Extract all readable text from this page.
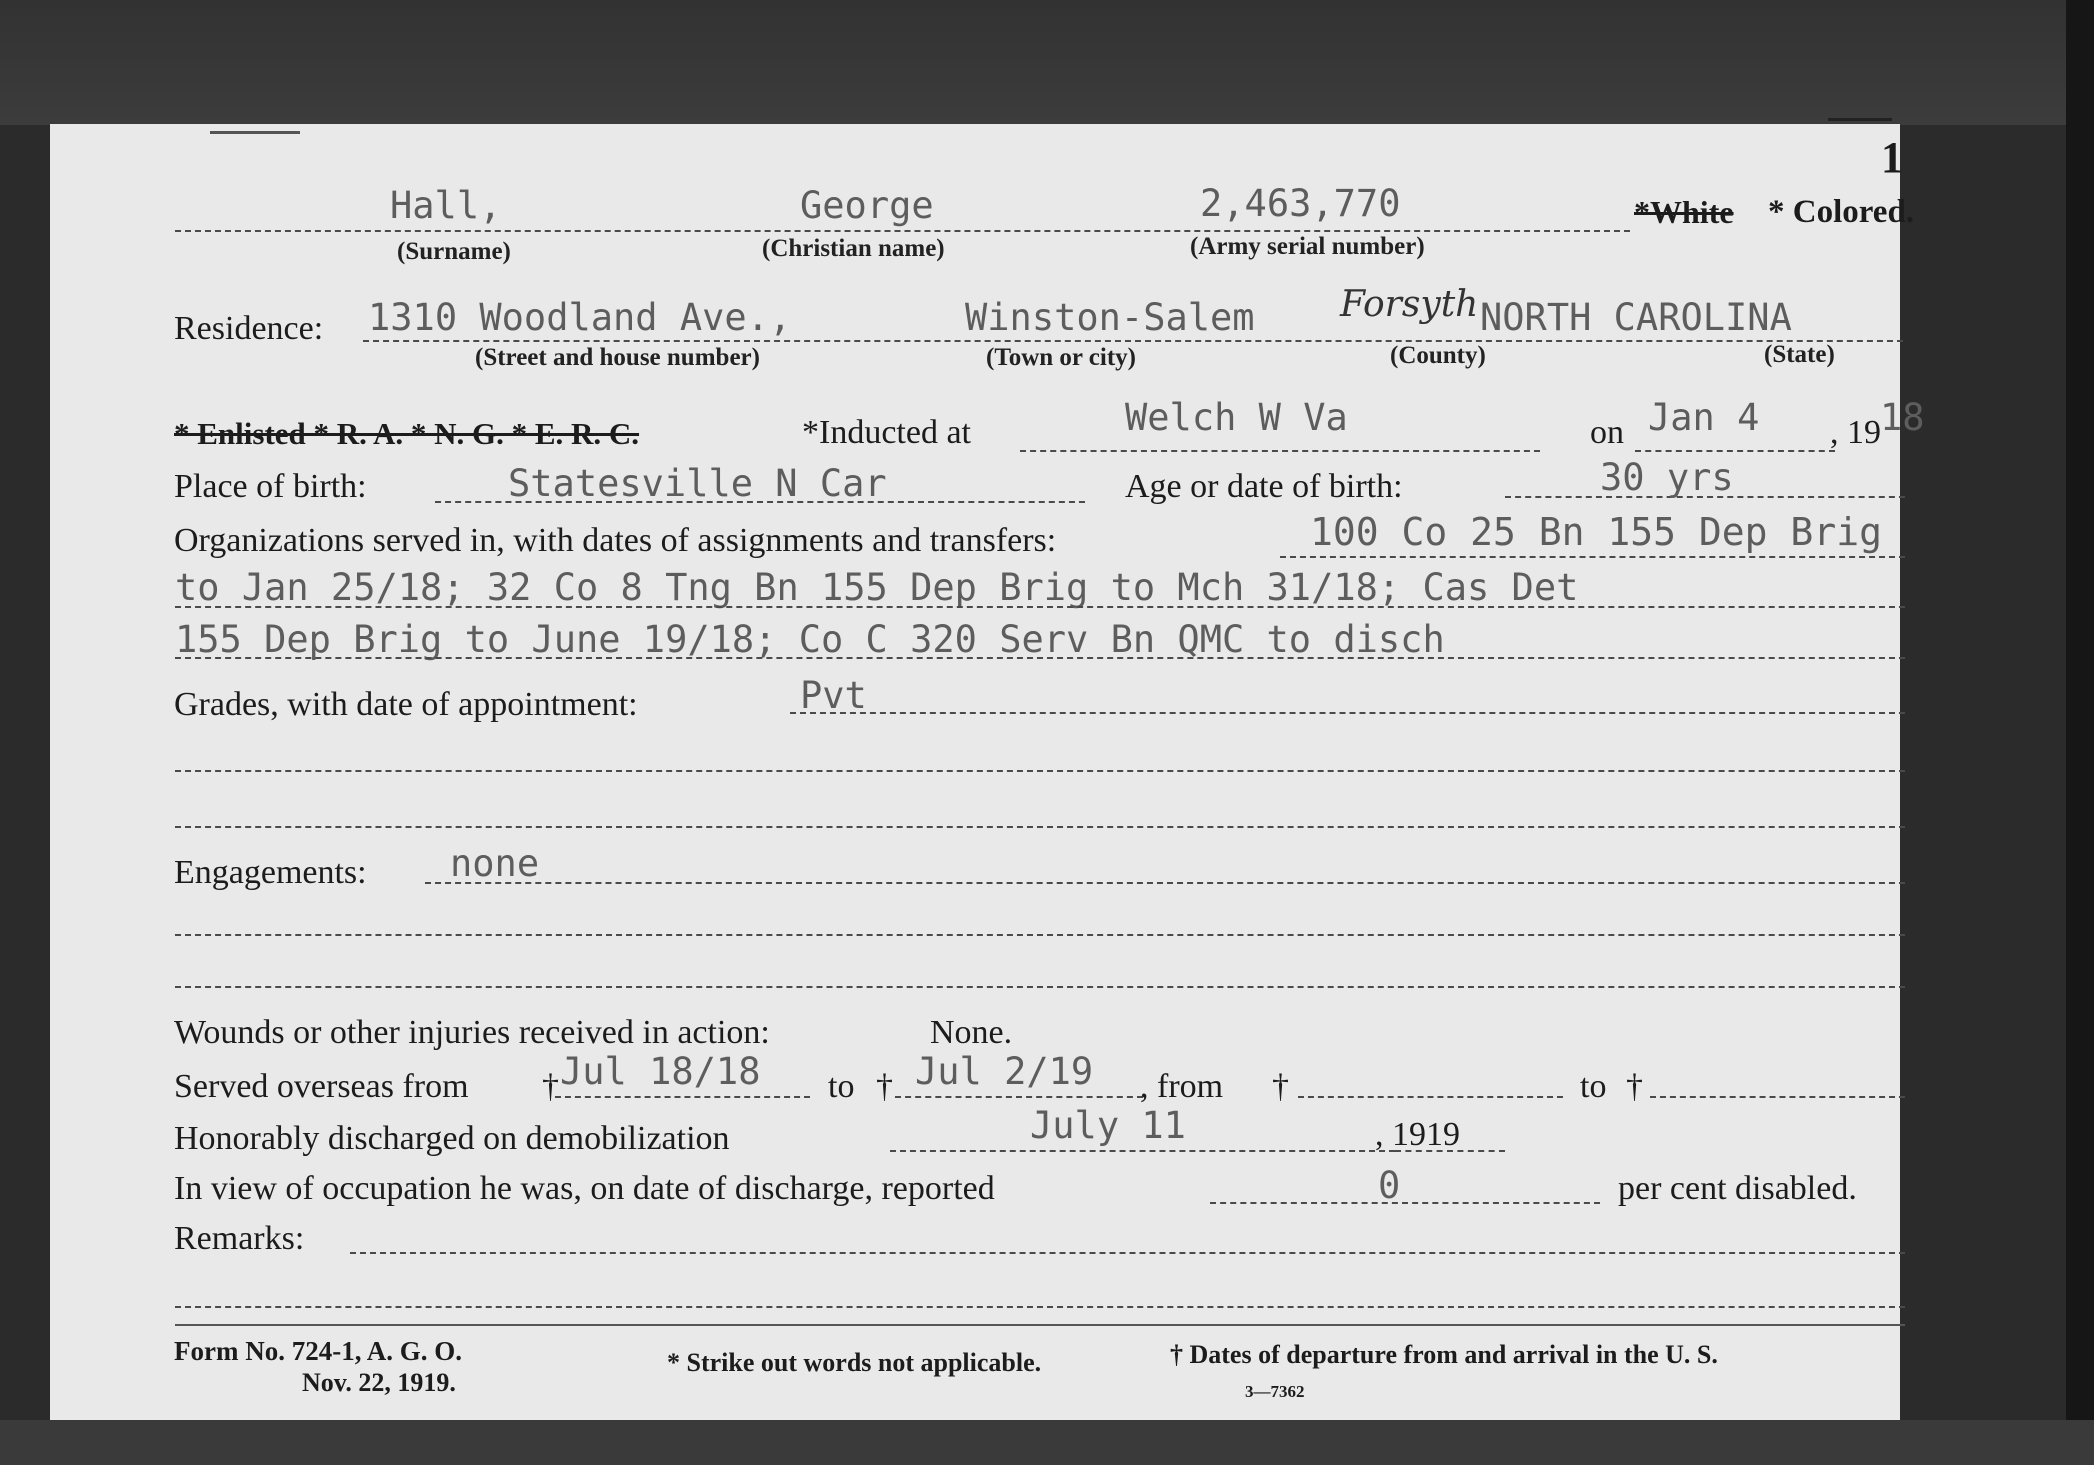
1
Hall,	George	2,463,770	*White * Colored.
(Surname)	(Christian name)	(Army serial number)
Residence: 1310 Woodland Ave.,	Winston-Salem Forsyth NORTH CAROLINA
(Street and house number)	(Town or city)	(County)	(State)
* Enlisted * R. A. * N. G. * E. R. C.	*Inducted at	Welch W Va	on Jan 4 , 19 18
Place of birth:	Statesville N Car	Age or date of birth:	30 yrs
Organizations served in, with dates of assignments and transfers:	100 Co 25 Bn 155 Dep Brig
to Jan 25/18; 32 Co 8 Tng Bn 155 Dep Brig to Mch 31/18; Cas Det
155 Dep Brig to June 19/18; Co C 320 Serv Bn QMC to disch
Grades, with date of appointment:	Pvt
Engagements: none
Wounds or other injuries received in action:	None.
Served overseas from † Jul 18/18 to † Jul 2/19 , from †	to †
Honorably discharged on demobilization	July 11	, 1919
In view of occupation he was, on date of discharge, reported	0	per cent disabled.
Remarks:
Form No. 724-1, A. G. O.
Nov. 22, 1919.
* Strike out words not applicable.	† Dates of departure from and arrival in the U. S.
3—7362
